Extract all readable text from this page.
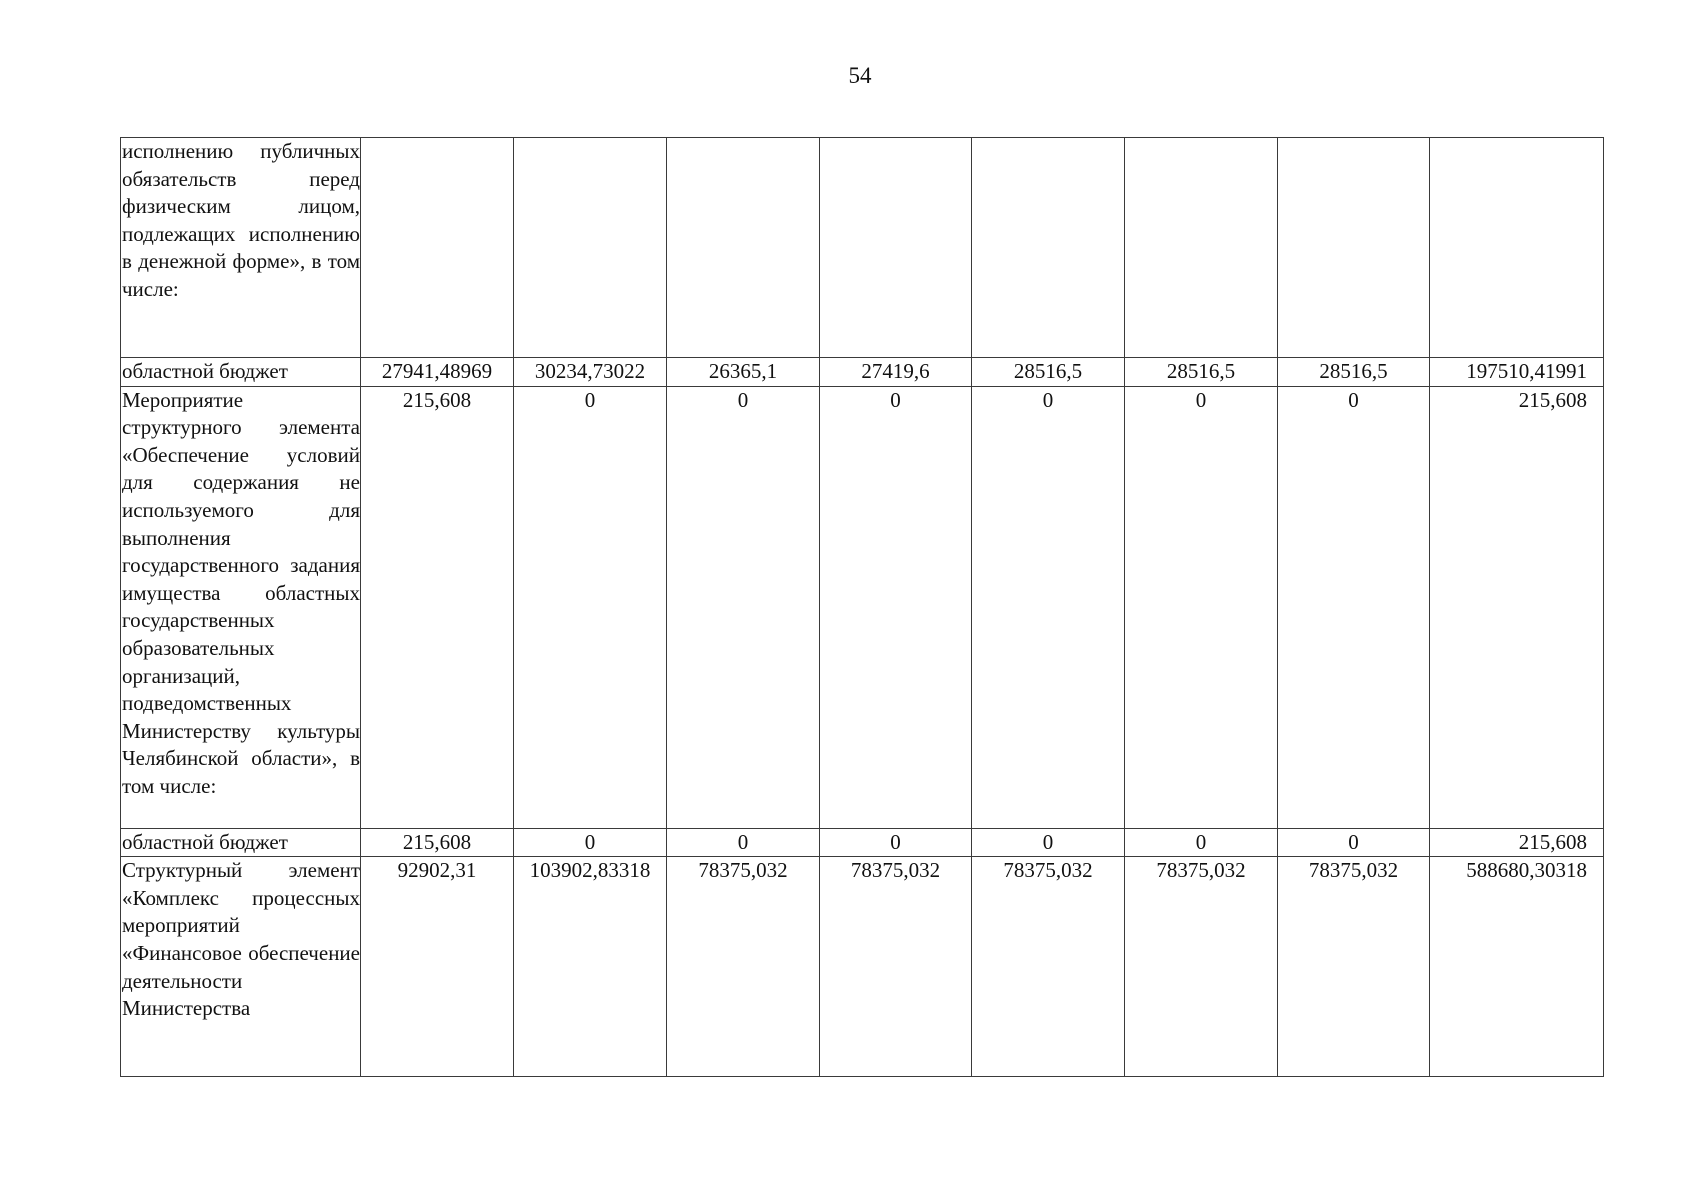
54
исполнению публичных обязательств перед физическим лицом, подлежащих исполнению в денежной форме», в том числе:								
областной бюджет	27941,48969	30234,73022	26365,1	27419,6	28516,5	28516,5	28516,5	197510,41991
Мероприятие структурного элемента «Обеспечение условий для содержания не используемого для выполнения государственного задания имущества областных государственных образовательных организаций, подведомственных Министерству культуры Челябинской области», в том числе:	215,608	0	0	0	0	0	0	215,608
областной бюджет	215,608	0	0	0	0	0	0	215,608
Структурный элемент «Комплекс процессных мероприятий «Финансовое обеспечение деятельности Министерства	92902,31	103902,83318	78375,032	78375,032	78375,032	78375,032	78375,032	588680,30318
